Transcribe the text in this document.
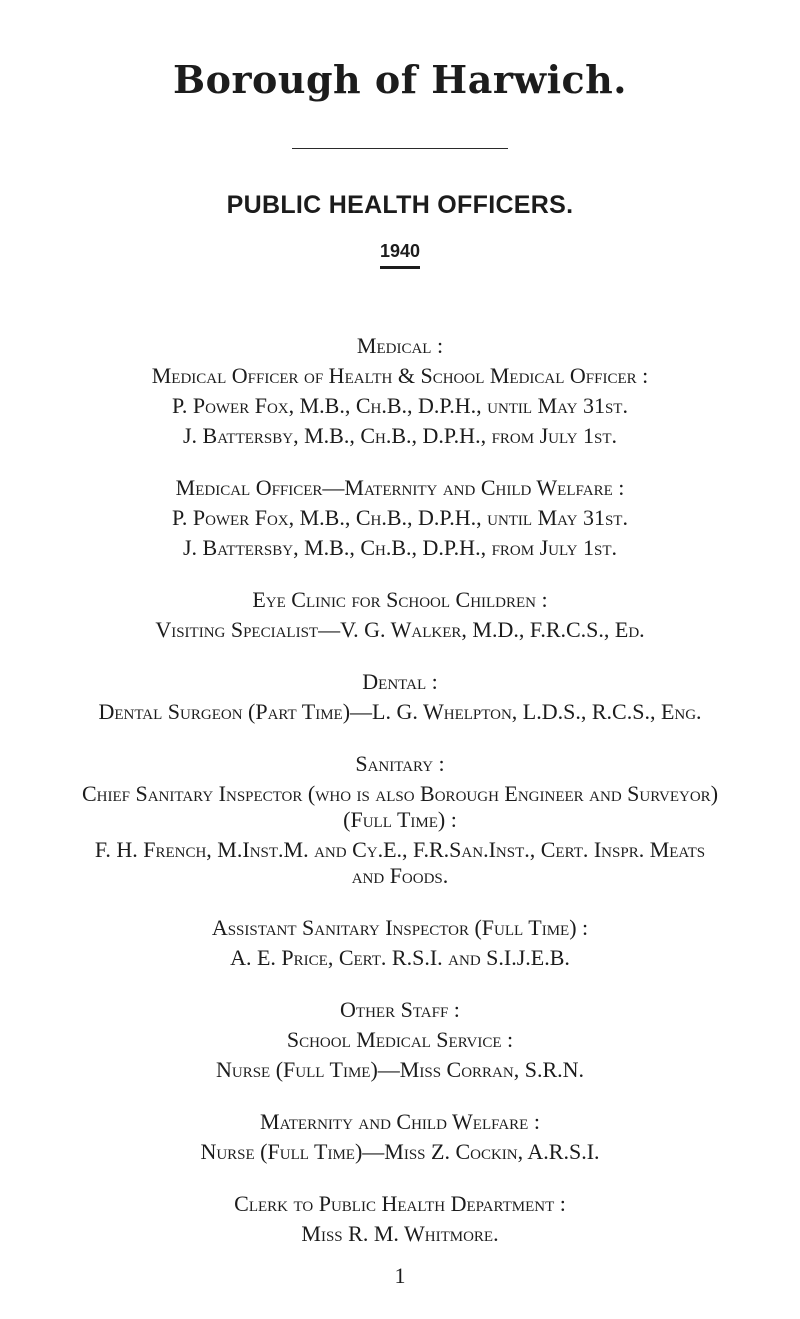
Borough of Harwich.
PUBLIC HEALTH OFFICERS.
1940
Medical :
Medical Officer of Health & School Medical Officer :
P. Power Fox, M.B., Ch.B., D.P.H., until May 31st.
J. Battersby, M.B., Ch.B., D.P.H., from July 1st.
Medical Officer—Maternity and Child Welfare :
P. Power Fox, M.B., Ch.B., D.P.H., until May 31st.
J. Battersby, M.B., Ch.B., D.P.H., from July 1st.
Eye Clinic for School Children :
Visiting Specialist—V. G. Walker, M.D., F.R.C.S., Ed.
Dental :
Dental Surgeon (Part Time)—L. G. Whelpton, L.D.S., R.C.S., Eng.
Sanitary :
Chief Sanitary Inspector (who is also Borough Engineer and Surveyor)
(Full Time) :
F. H. French, M.Inst.M. and Cy.E., F.R.San.Inst., Cert. Inspr. Meats
and Foods.
Assistant Sanitary Inspector (Full Time) :
A. E. Price, Cert. R.S.I. and S.I.J.E.B.
Other Staff :
School Medical Service :
Nurse (Full Time)—Miss Corran, S.R.N.
Maternity and Child Welfare :
Nurse (Full Time)—Miss Z. Cockin, A.R.S.I.
Clerk to Public Health Department :
Miss R. M. Whitmore.
1
